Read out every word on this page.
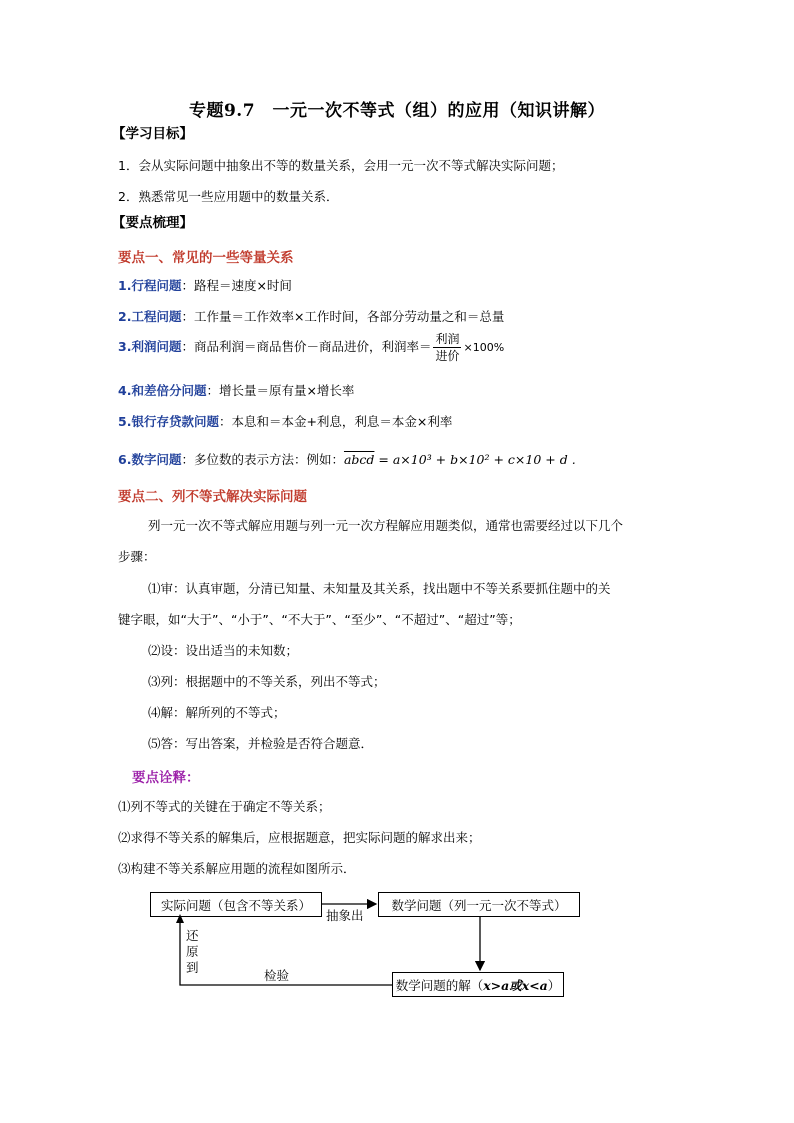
专题9.7　一元一次不等式（组）的应用（知识讲解）
【学习目标】
1．会从实际问题中抽象出不等的数量关系，会用一元一次不等式解决实际问题；
2．熟悉常见一些应用题中的数量关系．
【要点梳理】
要点一、常见的一些等量关系
1.行程问题：路程＝速度×时间
2.工程问题：工作量＝工作效率×工作时间，各部分劳动量之和＝总量
3.利润问题：商品利润＝商品售价－商品进价，利润率＝ $\frac{\text{利润}}{\text{进价}} \times 100\%$
4.和差倍分问题：增长量＝原有量×增长率
5.银行存贷款问题：本息和＝本金+利息，利息＝本金×利率
6.数字问题：多位数的表示方法：例如：abcd = a×10³ + b×10² + c×10 + d .
要点二、列不等式解决实际问题
列一元一次不等式解应用题与列一元一次方程解应用题类似，通常也需要经过以下几个
步骤：
⑴审：认真审题，分清已知量、未知量及其关系，找出题中不等关系要抓住题中的关
键字眼，如“大于”、“小于”、“不大于”、“至少”、“不超过”、“超过”等；
⑵设：设出适当的未知数；
⑶列：根据题中的不等关系，列出不等式；
⑷解：解所列的不等式；
⑸答：写出答案，并检验是否符合题意．
要点诠释：
⑴列不等式的关键在于确定不等关系；
⑵求得不等关系的解集后，应根据题意，把实际问题的解求出来；
⑶构建不等关系解应用题的流程如图所示．
实际问题（包含不等关系）
抽象出
数学问题（列一元一次不等式）
数学问题的解（ x>a或x<a ）
检验
还
原
到
